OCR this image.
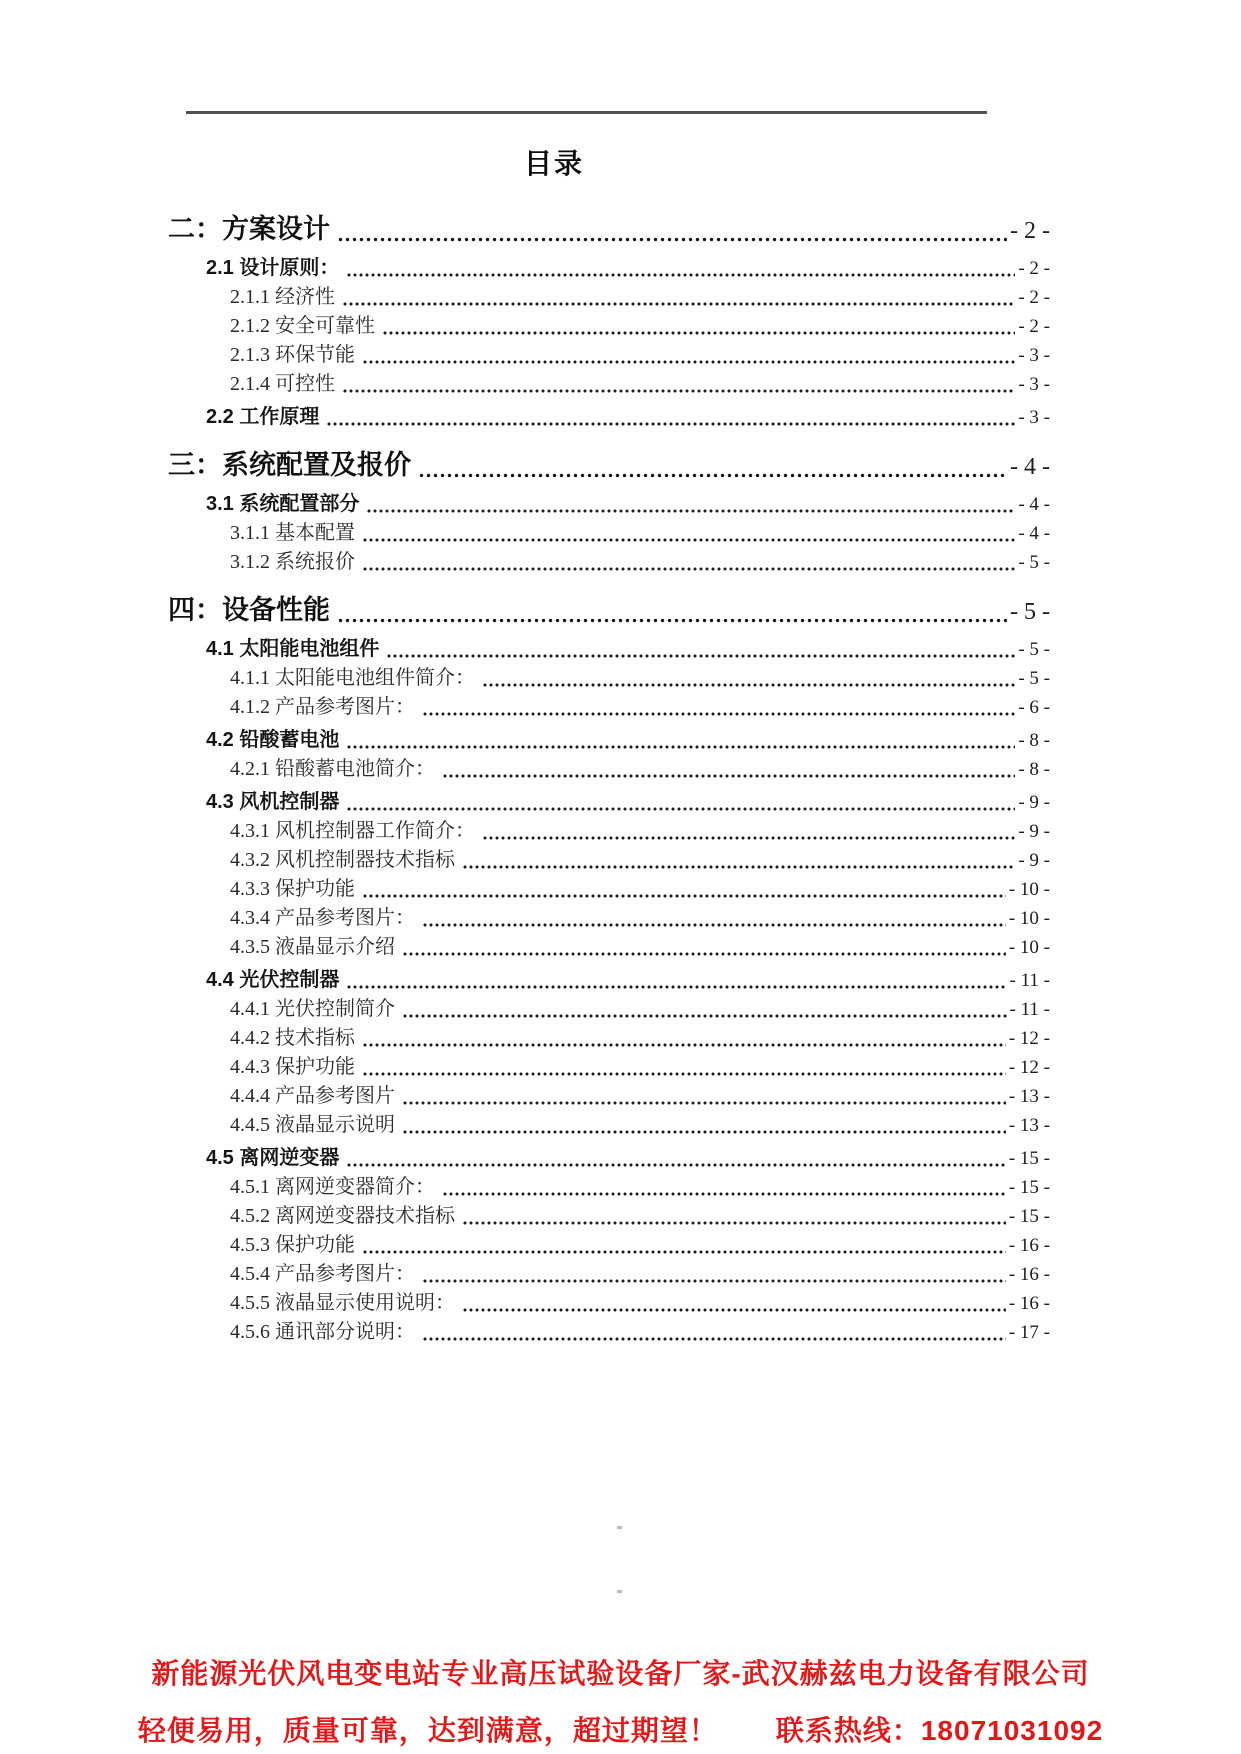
目录
二：方案设计	- 2 -
2.1 设计原则：	- 2 -
2.1.1 经济性	- 2 -
2.1.2 安全可靠性	- 2 -
2.1.3 环保节能	- 3 -
2.1.4 可控性	- 3 -
2.2 工作原理	- 3 -
三：系统配置及报价	- 4 -
3.1 系统配置部分	- 4 -
3.1.1 基本配置	- 4 -
3.1.2 系统报价	- 5 -
四：设备性能	- 5 -
4.1 太阳能电池组件	- 5 -
4.1.1 太阳能电池组件简介：	- 5 -
4.1.2 产品参考图片：	- 6 -
4.2 铅酸蓄电池	- 8 -
4.2.1 铅酸蓄电池简介：	- 8 -
4.3 风机控制器	- 9 -
4.3.1 风机控制器工作简介：	- 9 -
4.3.2 风机控制器技术指标	- 9 -
4.3.3 保护功能	- 10 -
4.3.4 产品参考图片：	- 10 -
4.3.5 液晶显示介绍	- 10 -
4.4 光伏控制器	- 11 -
4.4.1 光伏控制简介	- 11 -
4.4.2 技术指标	- 12 -
4.4.3 保护功能	- 12 -
4.4.4 产品参考图片	- 13 -
4.4.5 液晶显示说明	- 13 -
4.5 离网逆变器	- 15 -
4.5.1 离网逆变器简介：	- 15 -
4.5.2 离网逆变器技术指标	- 15 -
4.5.3 保护功能	- 16 -
4.5.4 产品参考图片：	- 16 -
4.5.5 液晶显示使用说明：	- 16 -
4.5.6 通讯部分说明：	- 17 -
新能源光伏风电变电站专业高压试验设备厂家-武汉赫兹电力设备有限公司
轻便易用，质量可靠，达到满意，超过期望！ 联系热线：18071031092
